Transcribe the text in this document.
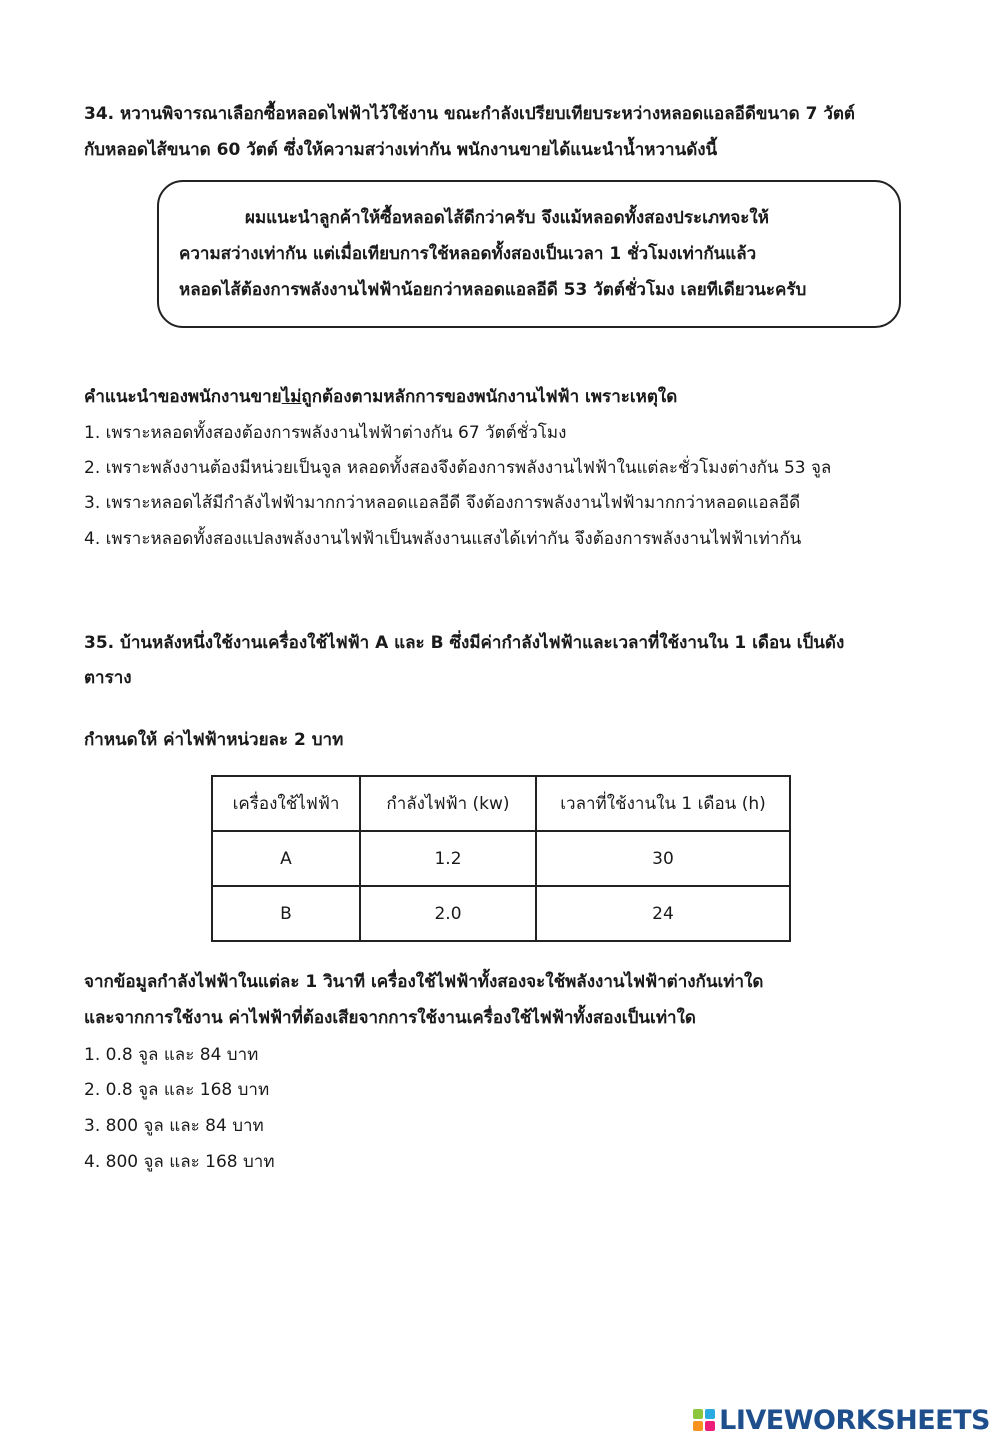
34. หวานพิจารณาเลือกซื้อหลอดไฟฟ้าไว้ใช้งาน ขณะกำลังเปรียบเทียบระหว่างหลอดแอลอีดีขนาด 7 วัตต์
กับหลอดไส้ขนาด 60 วัตต์ ซึ่งให้ความสว่างเท่ากัน พนักงานขายได้แนะนำน้ำหวานดังนี้
ผมแนะนำลูกค้าให้ซื้อหลอดไส้ดีกว่าครับ จึงแม้หลอดทั้งสองประเภทจะให้
ความสว่างเท่ากัน แต่เมื่อเทียบการใช้หลอดทั้งสองเป็นเวลา 1 ชั่วโมงเท่ากันแล้ว
หลอดไส้ต้องการพลังงานไฟฟ้าน้อยกว่าหลอดแอลอีดี 53 วัตต์ชั่วโมง เลยทีเดียวนะครับ
คำแนะนำของพนักงานขายไม่ถูกต้องตามหลักการของพนักงานไฟฟ้า เพราะเหตุใด
1. เพราะหลอดทั้งสองต้องการพลังงานไฟฟ้าต่างกัน 67 วัตต์ชั่วโมง
2. เพราะพลังงานต้องมีหน่วยเป็นจูล หลอดทั้งสองจึงต้องการพลังงานไฟฟ้าในแต่ละชั่วโมงต่างกัน 53 จูล
3. เพราะหลอดไส้มีกำลังไฟฟ้ามากกว่าหลอดแอลอีดี จึงต้องการพลังงานไฟฟ้ามากกว่าหลอดแอลอีดี
4. เพราะหลอดทั้งสองแปลงพลังงานไฟฟ้าเป็นพลังงานแสงได้เท่ากัน จึงต้องการพลังงานไฟฟ้าเท่ากัน
35. บ้านหลังหนึ่งใช้งานเครื่องใช้ไฟฟ้า A และ B ซึ่งมีค่ากำลังไฟฟ้าและเวลาที่ใช้งานใน 1 เดือน เป็นดัง
ตาราง
กำหนดให้ ค่าไฟฟ้าหน่วยละ 2 บาท
เครื่องใช้ไฟฟ้า	กำลังไฟฟ้า (kw)	เวลาที่ใช้งานใน 1 เดือน (h)
A	1.2	30
B	2.0	24
จากข้อมูลกำลังไฟฟ้าในแต่ละ 1 วินาที เครื่องใช้ไฟฟ้าทั้งสองจะใช้พลังงานไฟฟ้าต่างกันเท่าใด
และจากการใช้งาน ค่าไฟฟ้าที่ต้องเสียจากการใช้งานเครื่องใช้ไฟฟ้าทั้งสองเป็นเท่าใด
1. 0.8 จูล และ 84 บาท
2. 0.8 จูล และ 168 บาท
3. 800 จูล และ 84 บาท
4. 800 จูล และ 168 บาท
LIVEWORKSHEETS
